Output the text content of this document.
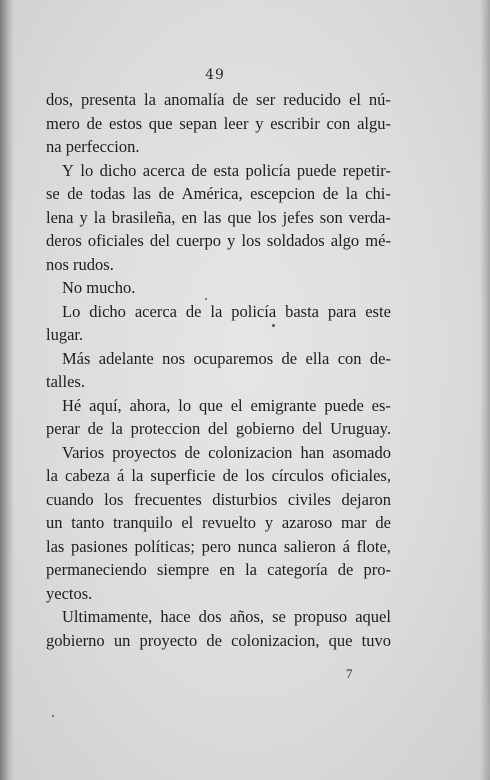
49
dos, presenta la anomalía de ser reducido el nú-
mero de estos que sepan leer y escribir con algu-
na perfeccion.
Y lo dicho acerca de esta policía puede repetir-
se de todas las de América, escepcion de la chi-
lena y la brasileña, en las que los jefes son verda-
deros oficiales del cuerpo y los soldados algo mé-
nos rudos.
No mucho.
Lo dicho acerca de la policía basta para este
lugar.
Más adelante nos ocuparemos de ella con de-
talles.
Hé aquí, ahora, lo que el emigrante puede es-
perar de la proteccion del gobierno del Uruguay.
Varios proyectos de colonizacion han asomado
la cabeza á la superficie de los círculos oficiales,
cuando los frecuentes disturbios civiles dejaron
un tanto tranquilo el revuelto y azaroso mar de
las pasiones políticas; pero nunca salieron á flote,
permaneciendo siempre en la categoría de pro-
yectos.
Ultimamente, hace dos años, se propuso aquel
gobierno un proyecto de colonizacion, que tuvo
7
